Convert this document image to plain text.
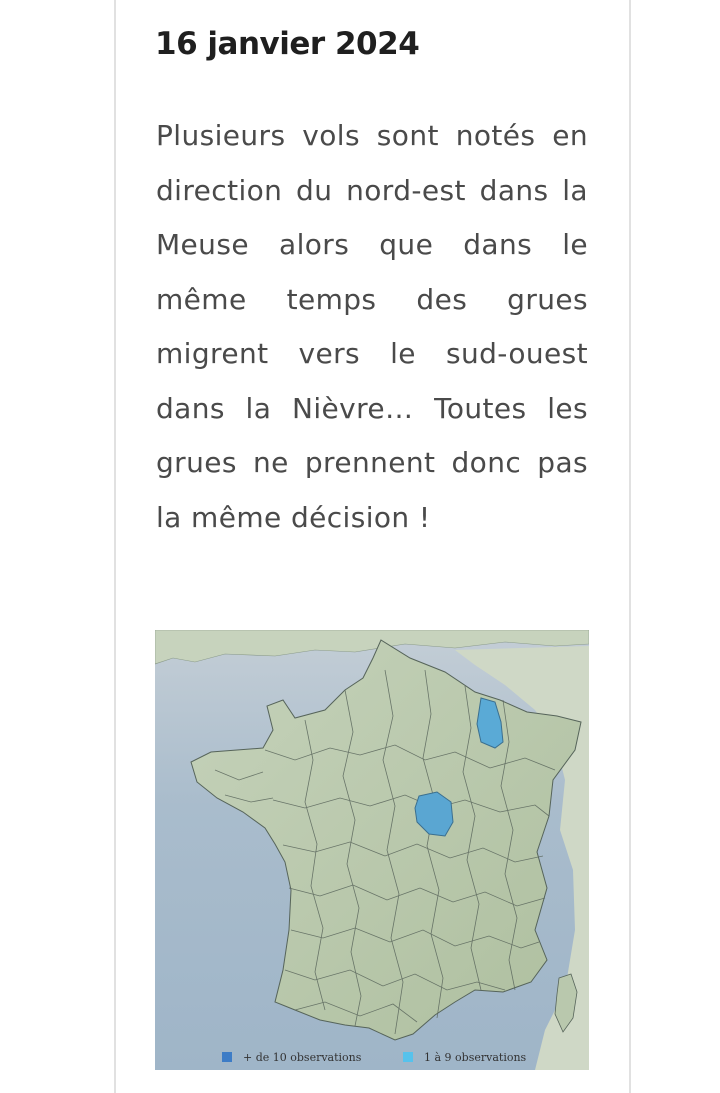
16 janvier 2024

Plusieurs vols sont notés en direction du nord-est dans la Meuse alors que dans le même temps des grues migrent vers le sud-ouest dans la Nièvre… Toutes les grues ne prennent donc pas la même décision !

+ de 10 observations	1 à 9 observations
